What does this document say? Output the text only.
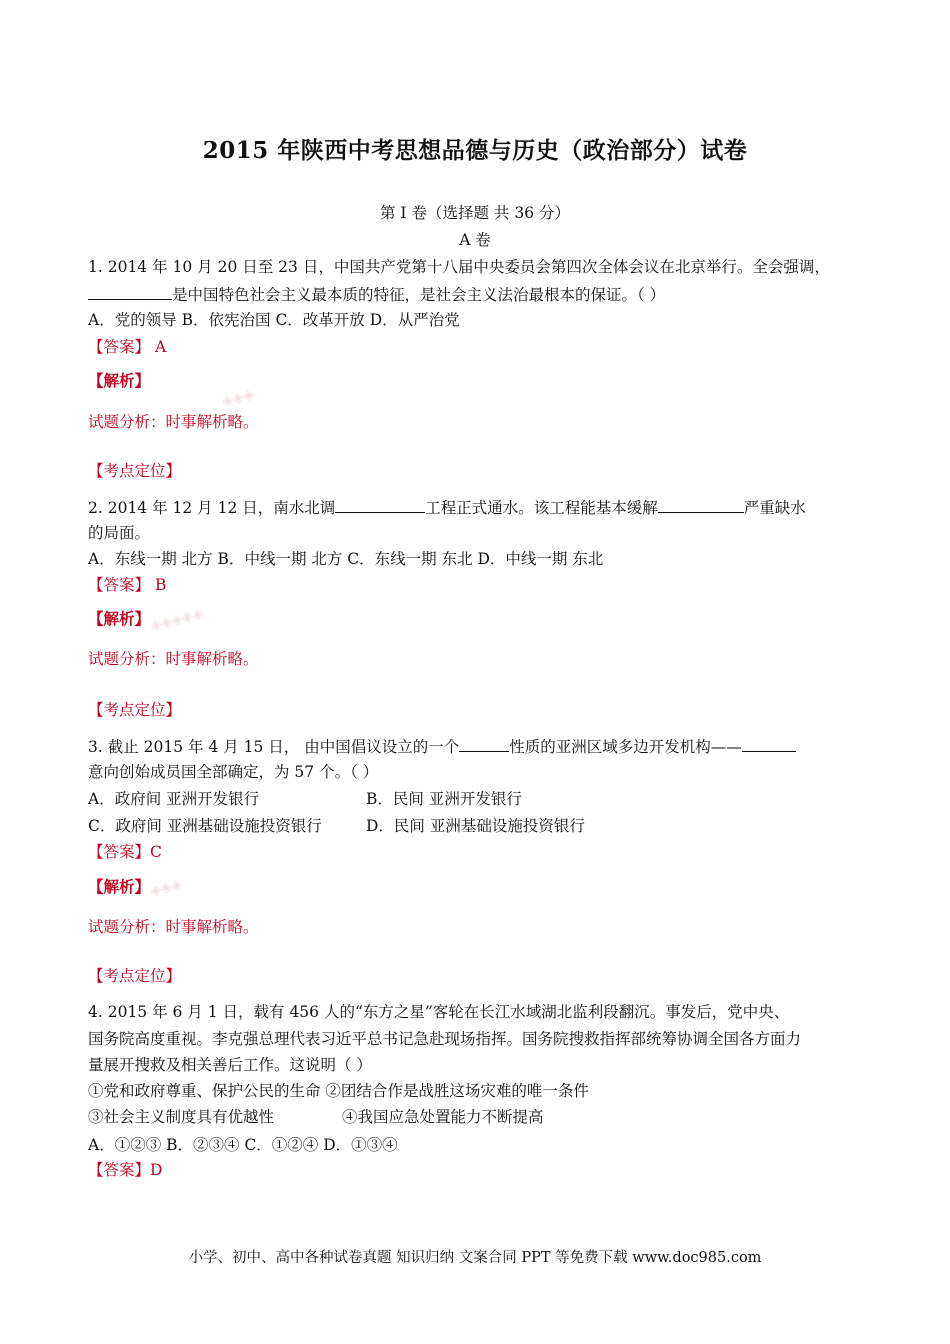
2015 年陕西中考思想品德与历史（政治部分）试卷
第 I 卷（选择题 共 36 分）
A 卷
1. 2014 年 10 月 20 日至 23 日，中国共产党第十八届中央委员会第四次全体会议在北京举行。全会强调，
是中国特色社会主义最本质的特征，是社会主义法治最根本的保证。（ ）
A．党的领导 B．依宪治国 C．改革开放 D．从严治党
【答案】 A
【解析】
◈◈◈
试题分析：时事解析略。
【考点定位】
2. 2014 年 12 月 12 日，南水北调	工程正式通水。该工程能基本缓解	严重缺水
的局面。
A．东线一期 北方 B．中线一期 北方 C．东线一期 东北 D．中线一期 东北
【答案】 B
【解析】
◈◈◈◈◈
试题分析：时事解析略。
【考点定位】
3. 截止 2015 年 4 月 15 日， 由中国倡议设立的一个	性质的亚洲区域多边开发机构——
意向创始成员国全部确定，为 57 个。（ ）
A．政府间 亚洲开发银行	B．民间 亚洲开发银行
C．政府间 亚洲基础设施投资银行	D．民间 亚洲基础设施投资银行
【答案】C
【解析】
◈◈◈
试题分析：时事解析略。
【考点定位】
4. 2015 年 6 月 1 日，载有 456 人的“东方之星”客轮在长江水域湖北监利段翻沉。事发后，党中央、
国务院高度重视。李克强总理代表习近平总书记急赴现场指挥。国务院搜救指挥部统筹协调全国各方面力
量展开搜救及相关善后工作。这说明（ ）
①党和政府尊重、保护公民的生命 ②团结合作是战胜这场灾难的唯一条件
③社会主义制度具有优越性	④我国应急处置能力不断提高
A．①②③ B．②③④ C．①②④ D．①③④
【答案】D
小学、初中、高中各种试卷真题 知识归纳 文案合同 PPT 等免费下载 www.doc985.com
